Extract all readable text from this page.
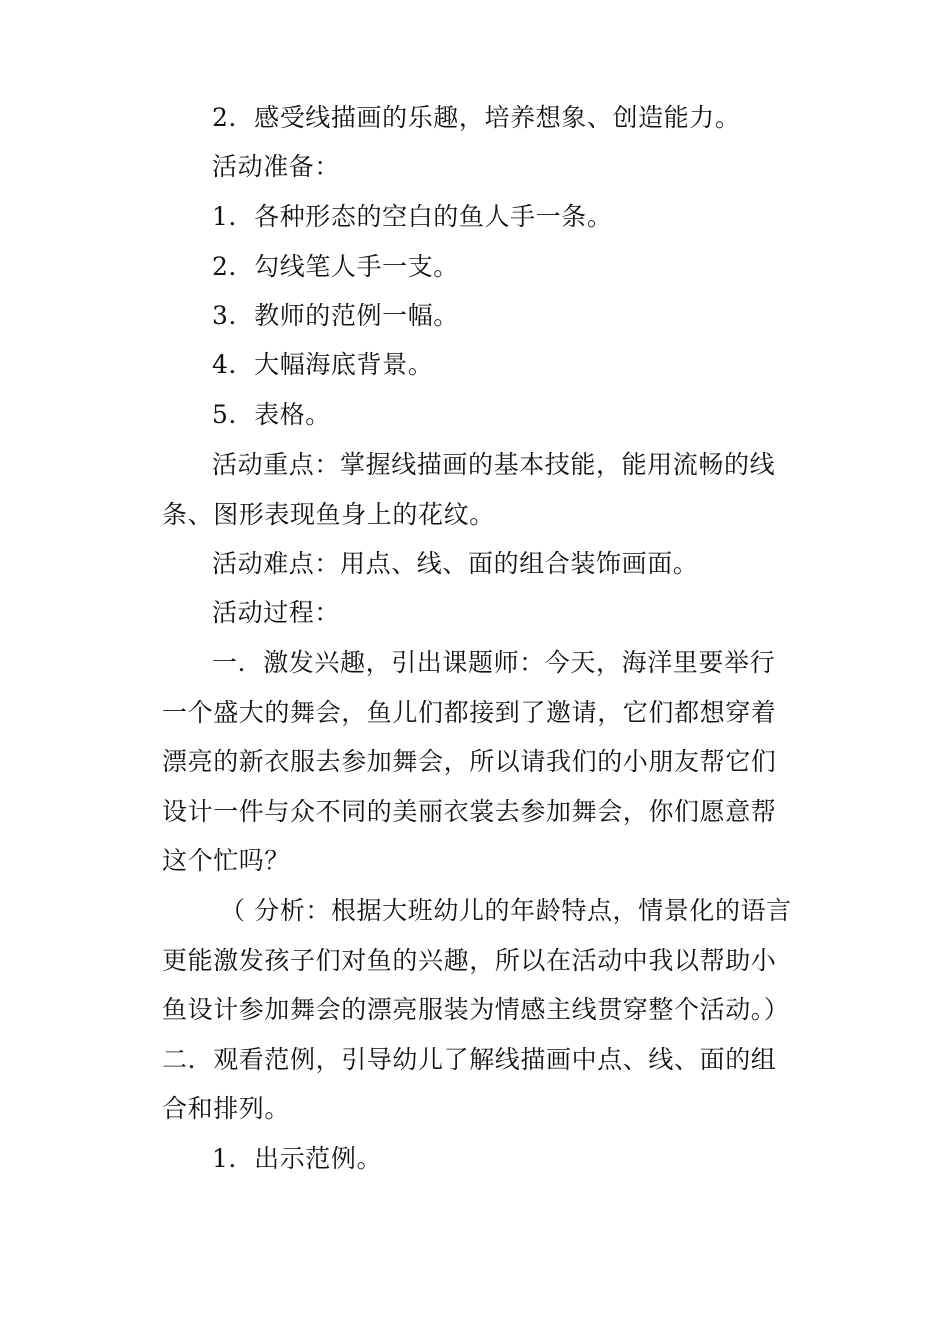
2．感受线描画的乐趣，培养想象、创造能力。
活动准备：
1．各种形态的空白的鱼人手一条。
2．勾线笔人手一支。
3．教师的范例一幅。
4．大幅海底背景。
5．表格。
活动重点：掌握线描画的基本技能，能用流畅的线
条、图形表现鱼身上的花纹。
活动难点：用点、线、面的组合装饰画面。
活动过程：
一．激发兴趣，引出课题师：今天，海洋里要举行
一个盛大的舞会，鱼儿们都接到了邀请，它们都想穿着
漂亮的新衣服去参加舞会，所以请我们的小朋友帮它们
设计一件与众不同的美丽衣裳去参加舞会，你们愿意帮
这个忙吗？
（ 分析：根据大班幼儿的年龄特点，情景化的语言
更能激发孩子们对鱼的兴趣，所以在活动中我以帮助小
鱼设计参加舞会的漂亮服装为情感主线贯穿整个活动。）
二．观看范例，引导幼儿了解线描画中点、线、面的组
合和排列。
1．出示范例。
